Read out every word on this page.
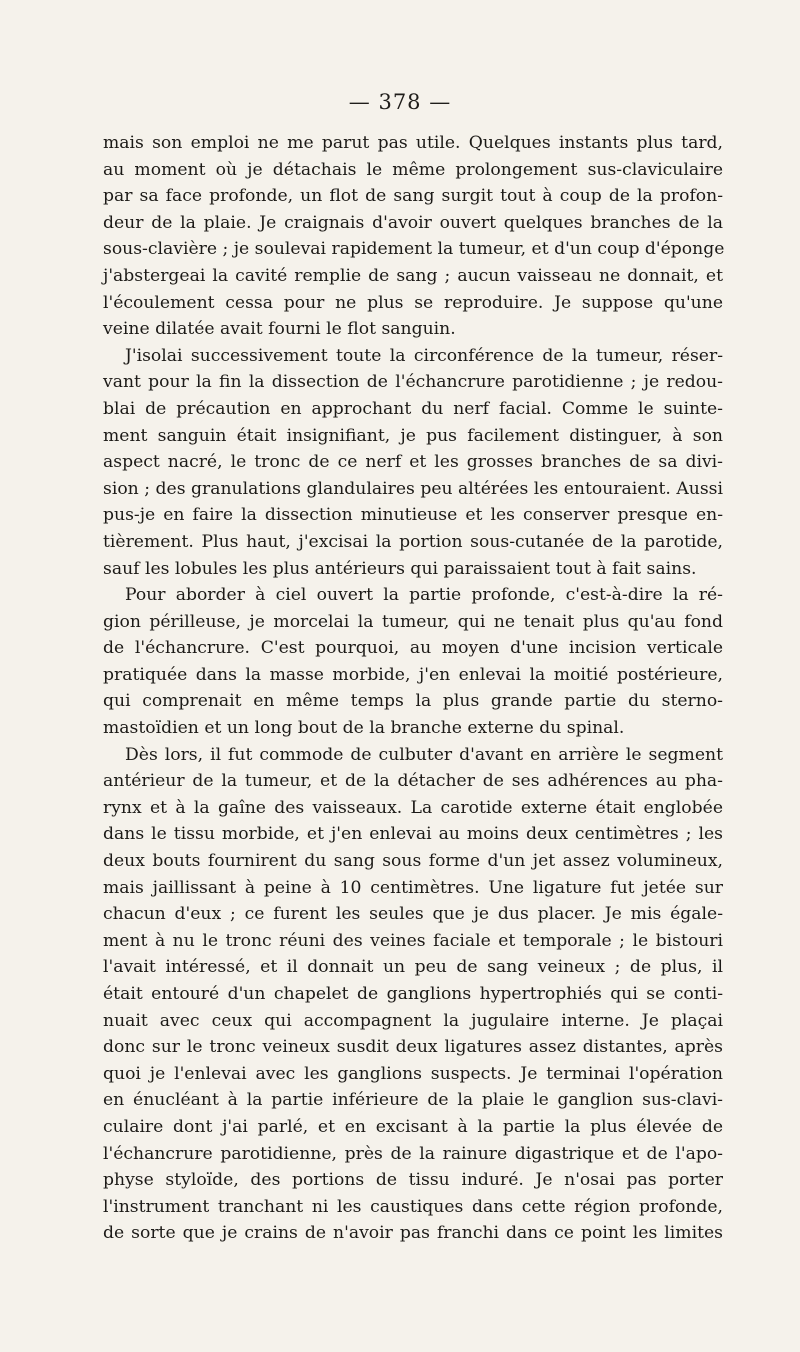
— 378 —
mais son emploi ne me parut pas utile. Quelques instants plus tard,
au moment où je détachais le même prolongement sus-claviculaire
par sa face profonde, un flot de sang surgit tout à coup de la profon-
deur de la plaie. Je craignais d'avoir ouvert quelques branches de la
sous-clavière ; je soulevai rapidement la tumeur, et d'un coup d'éponge
j'abstergeai la cavité remplie de sang ; aucun vaisseau ne donnait, et
l'écoulement cessa pour ne plus se reproduire. Je suppose qu'une
veine dilatée avait fourni le flot sanguin.
J'isolai successivement toute la circonférence de la tumeur, réser-
vant pour la fin la dissection de l'échancrure parotidienne ; je redou-
blai de précaution en approchant du nerf facial. Comme le suinte-
ment sanguin était insignifiant, je pus facilement distinguer, à son
aspect nacré, le tronc de ce nerf et les grosses branches de sa divi-
sion ; des granulations glandulaires peu altérées les entouraient. Aussi
pus-je en faire la dissection minutieuse et les conserver presque en-
tièrement. Plus haut, j'excisai la portion sous-cutanée de la parotide,
sauf les lobules les plus antérieurs qui paraissaient tout à fait sains.
Pour aborder à ciel ouvert la partie profonde, c'est-à-dire la ré-
gion périlleuse, je morcelai la tumeur, qui ne tenait plus qu'au fond
de l'échancrure. C'est pourquoi, au moyen d'une incision verticale
pratiquée dans la masse morbide, j'en enlevai la moitié postérieure,
qui comprenait en même temps la plus grande partie du sterno-
mastoïdien et un long bout de la branche externe du spinal.
Dès lors, il fut commode de culbuter d'avant en arrière le segment
antérieur de la tumeur, et de la détacher de ses adhérences au pha-
rynx et à la gaîne des vaisseaux. La carotide externe était englobée
dans le tissu morbide, et j'en enlevai au moins deux centimètres ; les
deux bouts fournirent du sang sous forme d'un jet assez volumineux,
mais jaillissant à peine à 10 centimètres. Une ligature fut jetée sur
chacun d'eux ; ce furent les seules que je dus placer. Je mis égale-
ment à nu le tronc réuni des veines faciale et temporale ; le bistouri
l'avait intéressé, et il donnait un peu de sang veineux ; de plus, il
était entouré d'un chapelet de ganglions hypertrophiés qui se conti-
nuait avec ceux qui accompagnent la jugulaire interne. Je plaçai
donc sur le tronc veineux susdit deux ligatures assez distantes, après
quoi je l'enlevai avec les ganglions suspects. Je terminai l'opération
en énucléant à la partie inférieure de la plaie le ganglion sus-clavi-
culaire dont j'ai parlé, et en excisant à la partie la plus élevée de
l'échancrure parotidienne, près de la rainure digastrique et de l'apo-
physe styloïde, des portions de tissu induré. Je n'osai pas porter
l'instrument tranchant ni les caustiques dans cette région profonde,
de sorte que je crains de n'avoir pas franchi dans ce point les limites
